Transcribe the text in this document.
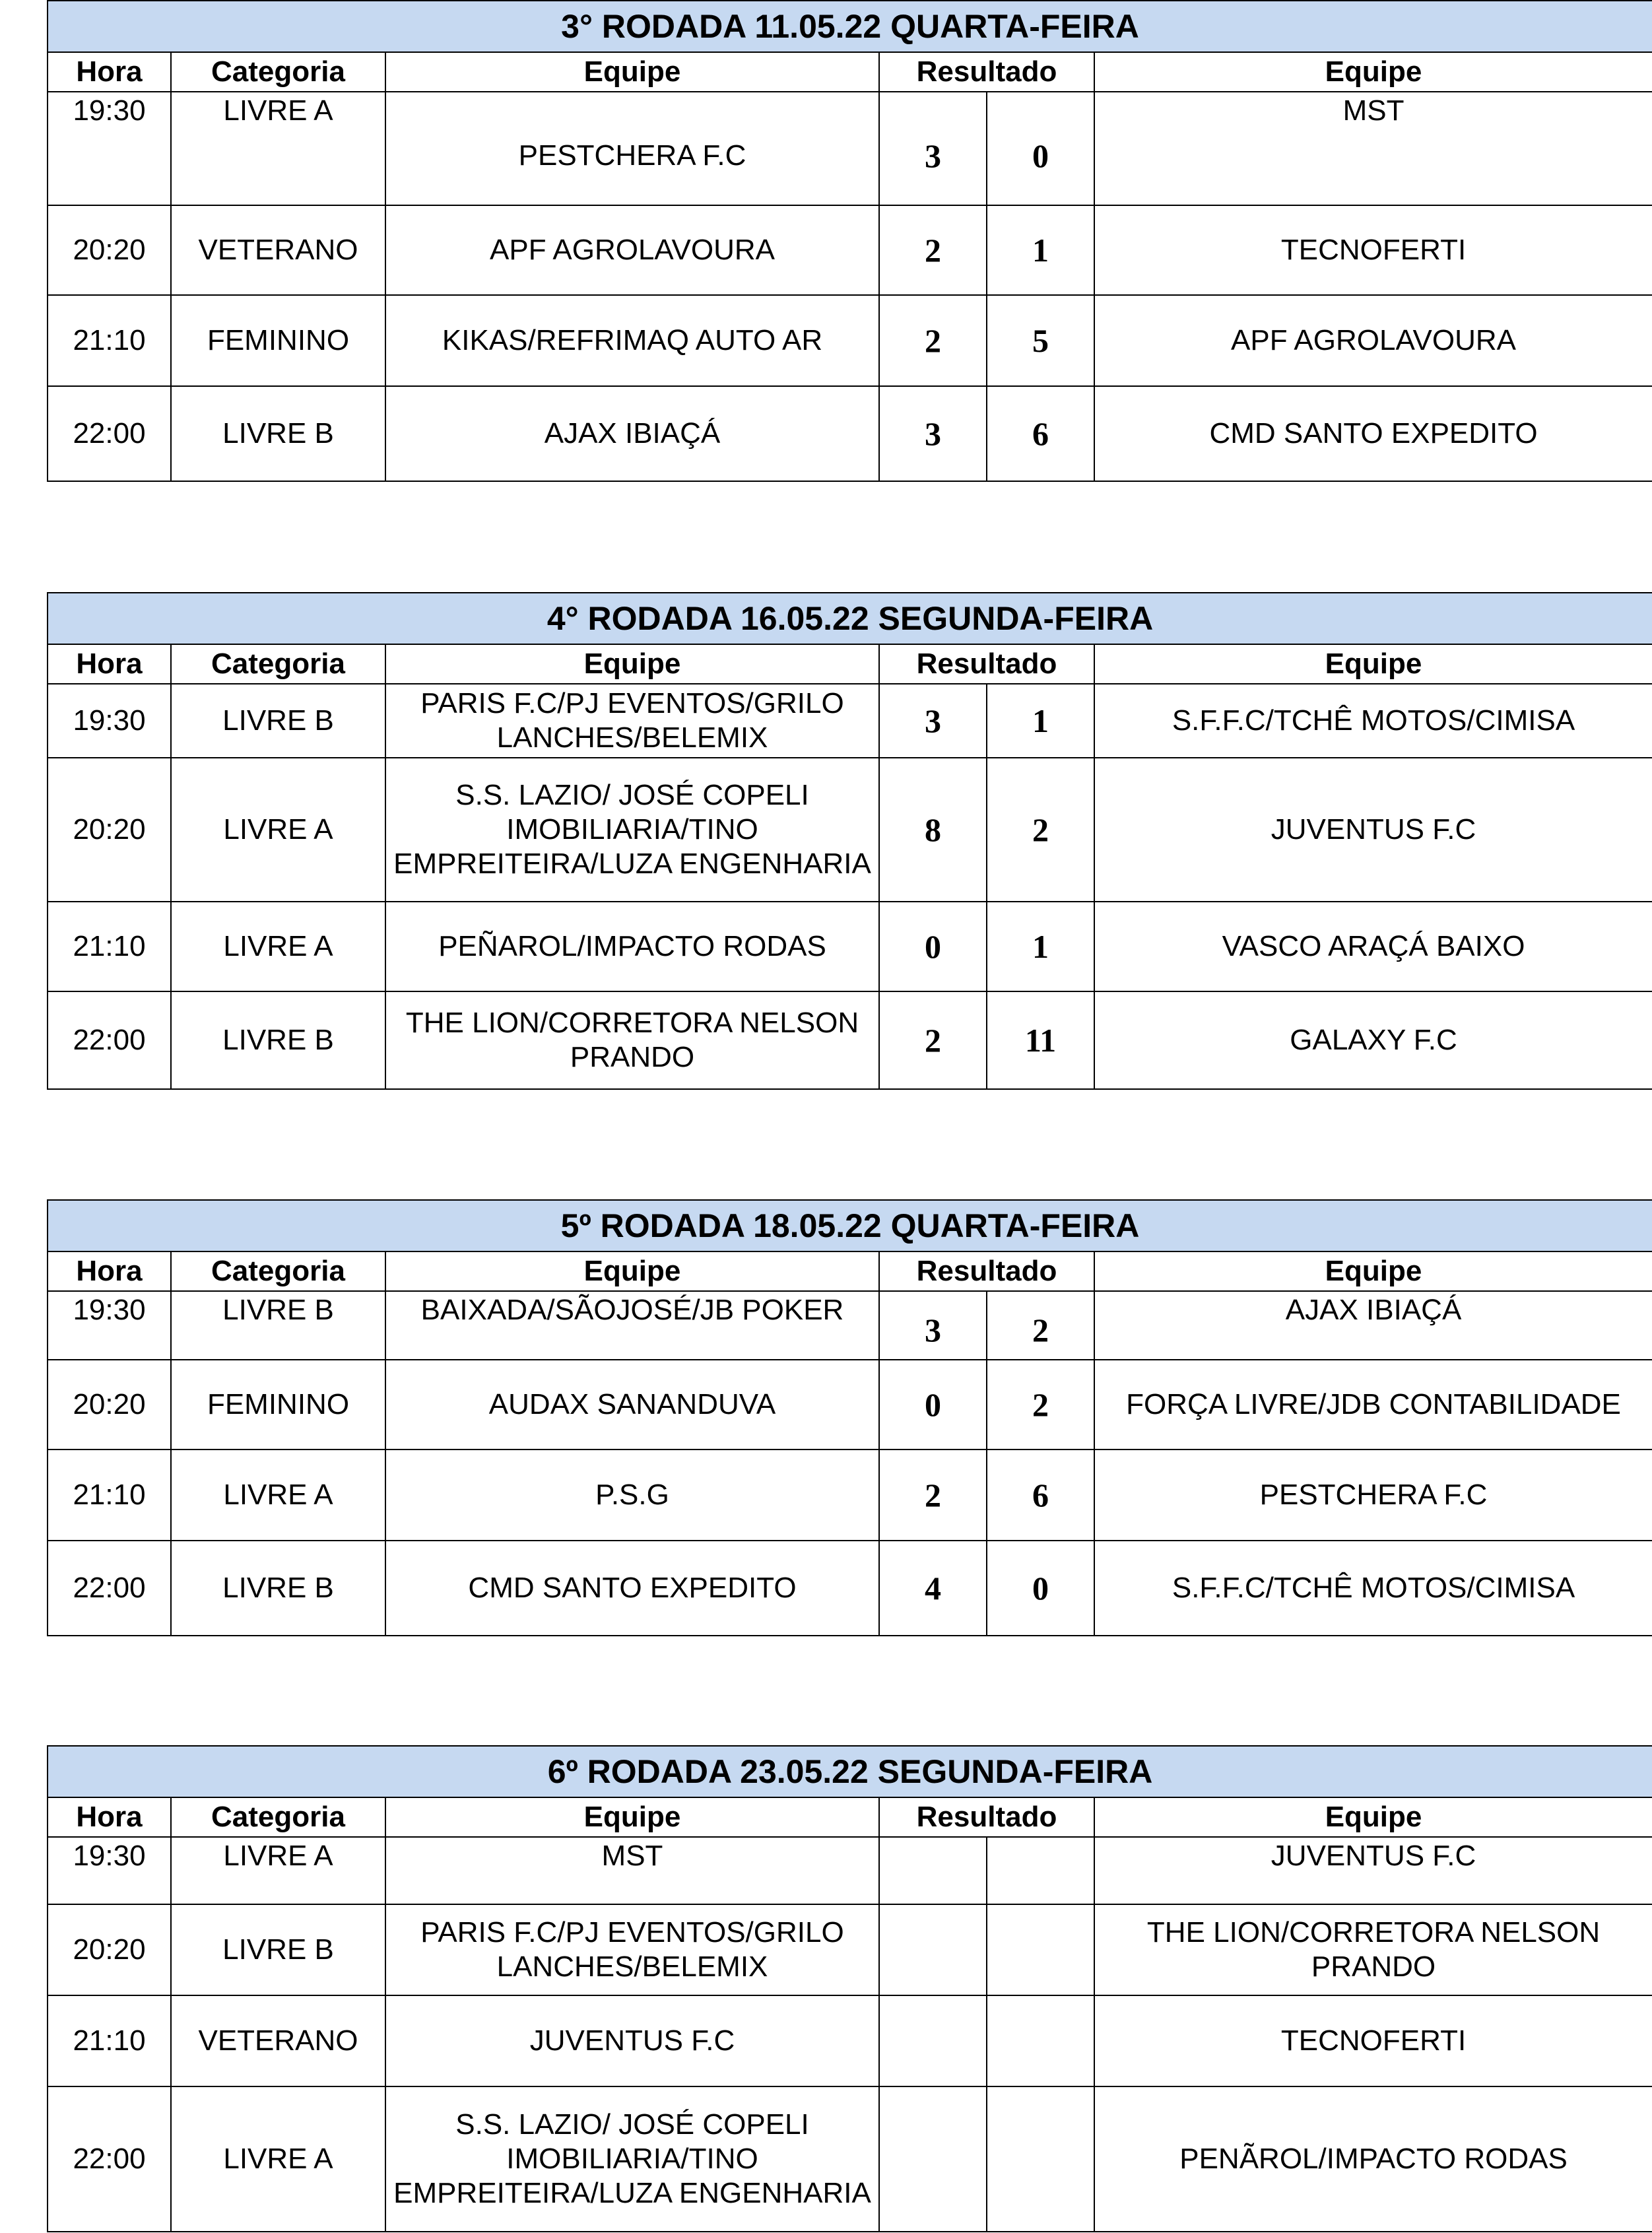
3° RODADA 11.05.22 QUARTA-FEIRA					
Hora	Categoria	Equipe	Resultado		Equipe
19:30	LIVRE A	PESTCHERA F.C	3	0	MST
20:20	VETERANO	APF AGROLAVOURA	2	1	TECNOFERTI
21:10	FEMININO	KIKAS/REFRIMAQ AUTO AR	2	5	APF AGROLAVOURA
22:00	LIVRE B	AJAX IBIAÇÁ	3	6	CMD SANTO EXPEDITO
4° RODADA 16.05.22 SEGUNDA-FEIRA					
Hora	Categoria	Equipe	Resultado		Equipe
19:30	LIVRE B	PARIS F.C/PJ EVENTOS/GRILO LANCHES/BELEMIX	3	1	S.F.F.C/TCHÊ MOTOS/CIMISA
20:20	LIVRE A	S.S. LAZIO/ JOSÉ COPELI IMOBILIARIA/TINO EMPREITEIRA/LUZA ENGENHARIA	8	2	JUVENTUS F.C
21:10	LIVRE A	PEÑAROL/IMPACTO RODAS	0	1	VASCO ARAÇÁ BAIXO
22:00	LIVRE B	THE LION/CORRETORA NELSON PRANDO	2	11	GALAXY F.C
5º RODADA 18.05.22 QUARTA-FEIRA					
Hora	Categoria	Equipe	Resultado		Equipe
19:30	LIVRE B	BAIXADA/SÃOJOSÉ/JB POKER	3	2	AJAX IBIAÇÁ
20:20	FEMININO	AUDAX SANANDUVA	0	2	FORÇA LIVRE/JDB CONTABILIDADE
21:10	LIVRE A	P.S.G	2	6	PESTCHERA F.C
22:00	LIVRE B	CMD SANTO EXPEDITO	4	0	S.F.F.C/TCHÊ MOTOS/CIMISA
6º RODADA 23.05.22 SEGUNDA-FEIRA					
Hora	Categoria	Equipe	Resultado		Equipe
19:30	LIVRE A	MST			JUVENTUS F.C
20:20	LIVRE B	PARIS F.C/PJ EVENTOS/GRILO LANCHES/BELEMIX			THE LION/CORRETORA NELSON PRANDO
21:10	VETERANO	JUVENTUS F.C			TECNOFERTI
22:00	LIVRE A	S.S. LAZIO/ JOSÉ COPELI IMOBILIARIA/TINO EMPREITEIRA/LUZA ENGENHARIA			PENÃROL/IMPACTO RODAS
